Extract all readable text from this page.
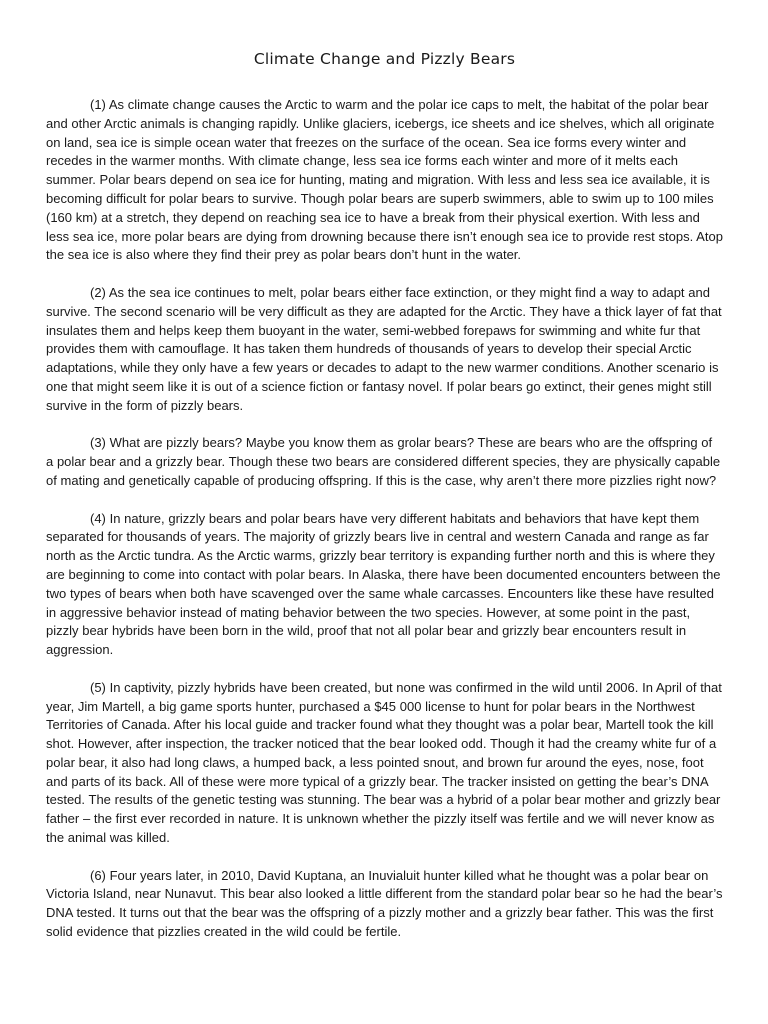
Climate Change and Pizzly Bears

(1) As climate change causes the Arctic to warm and the polar ice caps to melt, the habitat of the polar bear and other Arctic animals is changing rapidly. Unlike glaciers, icebergs, ice sheets and ice shelves, which all originate on land, sea ice is simple ocean water that freezes on the surface of the ocean. Sea ice forms every winter and recedes in the warmer months. With climate change, less sea ice forms each winter and more of it melts each summer. Polar bears depend on sea ice for hunting, mating and migration. With less and less sea ice available, it is becoming difficult for polar bears to survive. Though polar bears are superb swimmers, able to swim up to 100 miles (160 km) at a stretch, they depend on reaching sea ice to have a break from their physical exertion. With less and less sea ice, more polar bears are dying from drowning because there isn’t enough sea ice to provide rest stops. Atop the sea ice is also where they find their prey as polar bears don’t hunt in the water.

(2) As the sea ice continues to melt, polar bears either face extinction, or they might find a way to adapt and survive. The second scenario will be very difficult as they are adapted for the Arctic. They have a thick layer of fat that insulates them and helps keep them buoyant in the water, semi-webbed forepaws for swimming and white fur that provides them with camouflage. It has taken them hundreds of thousands of years to develop their special Arctic adaptations, while they only have a few years or decades to adapt to the new warmer conditions. Another scenario is one that might seem like it is out of a science fiction or fantasy novel. If polar bears go extinct, their genes might still survive in the form of pizzly bears.

(3) What are pizzly bears? Maybe you know them as grolar bears? These are bears who are the offspring of a polar bear and a grizzly bear. Though these two bears are considered different species, they are physically capable of mating and genetically capable of producing offspring. If this is the case, why aren’t there more pizzlies right now?

(4) In nature, grizzly bears and polar bears have very different habitats and behaviors that have kept them separated for thousands of years. The majority of grizzly bears live in central and western Canada and range as far north as the Arctic tundra. As the Arctic warms, grizzly bear territory is expanding further north and this is where they are beginning to come into contact with polar bears. In Alaska, there have been documented encounters between the two types of bears when both have scavenged over the same whale carcasses. Encounters like these have resulted in aggressive behavior instead of mating behavior between the two species. However, at some point in the past, pizzly bear hybrids have been born in the wild, proof that not all polar bear and grizzly bear encounters result in aggression.

(5) In captivity, pizzly hybrids have been created, but none was confirmed in the wild until 2006. In April of that year, Jim Martell, a big game sports hunter, purchased a $45 000 license to hunt for polar bears in the Northwest Territories of Canada. After his local guide and tracker found what they thought was a polar bear, Martell took the kill shot. However, after inspection, the tracker noticed that the bear looked odd. Though it had the creamy white fur of a polar bear, it also had long claws, a humped back, a less pointed snout, and brown fur around the eyes, nose, foot and parts of its back. All of these were more typical of a grizzly bear. The tracker insisted on getting the bear’s DNA tested. The results of the genetic testing was stunning. The bear was a hybrid of a polar bear mother and grizzly bear father – the first ever recorded in nature. It is unknown whether the pizzly itself was fertile and we will never know as the animal was killed.

(6) Four years later, in 2010, David Kuptana, an Inuvialuit hunter killed what he thought was a polar bear on Victoria Island, near Nunavut. This bear also looked a little different from the standard polar bear so he had the bear’s DNA tested. It turns out that the bear was the offspring of a pizzly mother and a grizzly bear father. This was the first solid evidence that pizzlies created in the wild could be fertile.
